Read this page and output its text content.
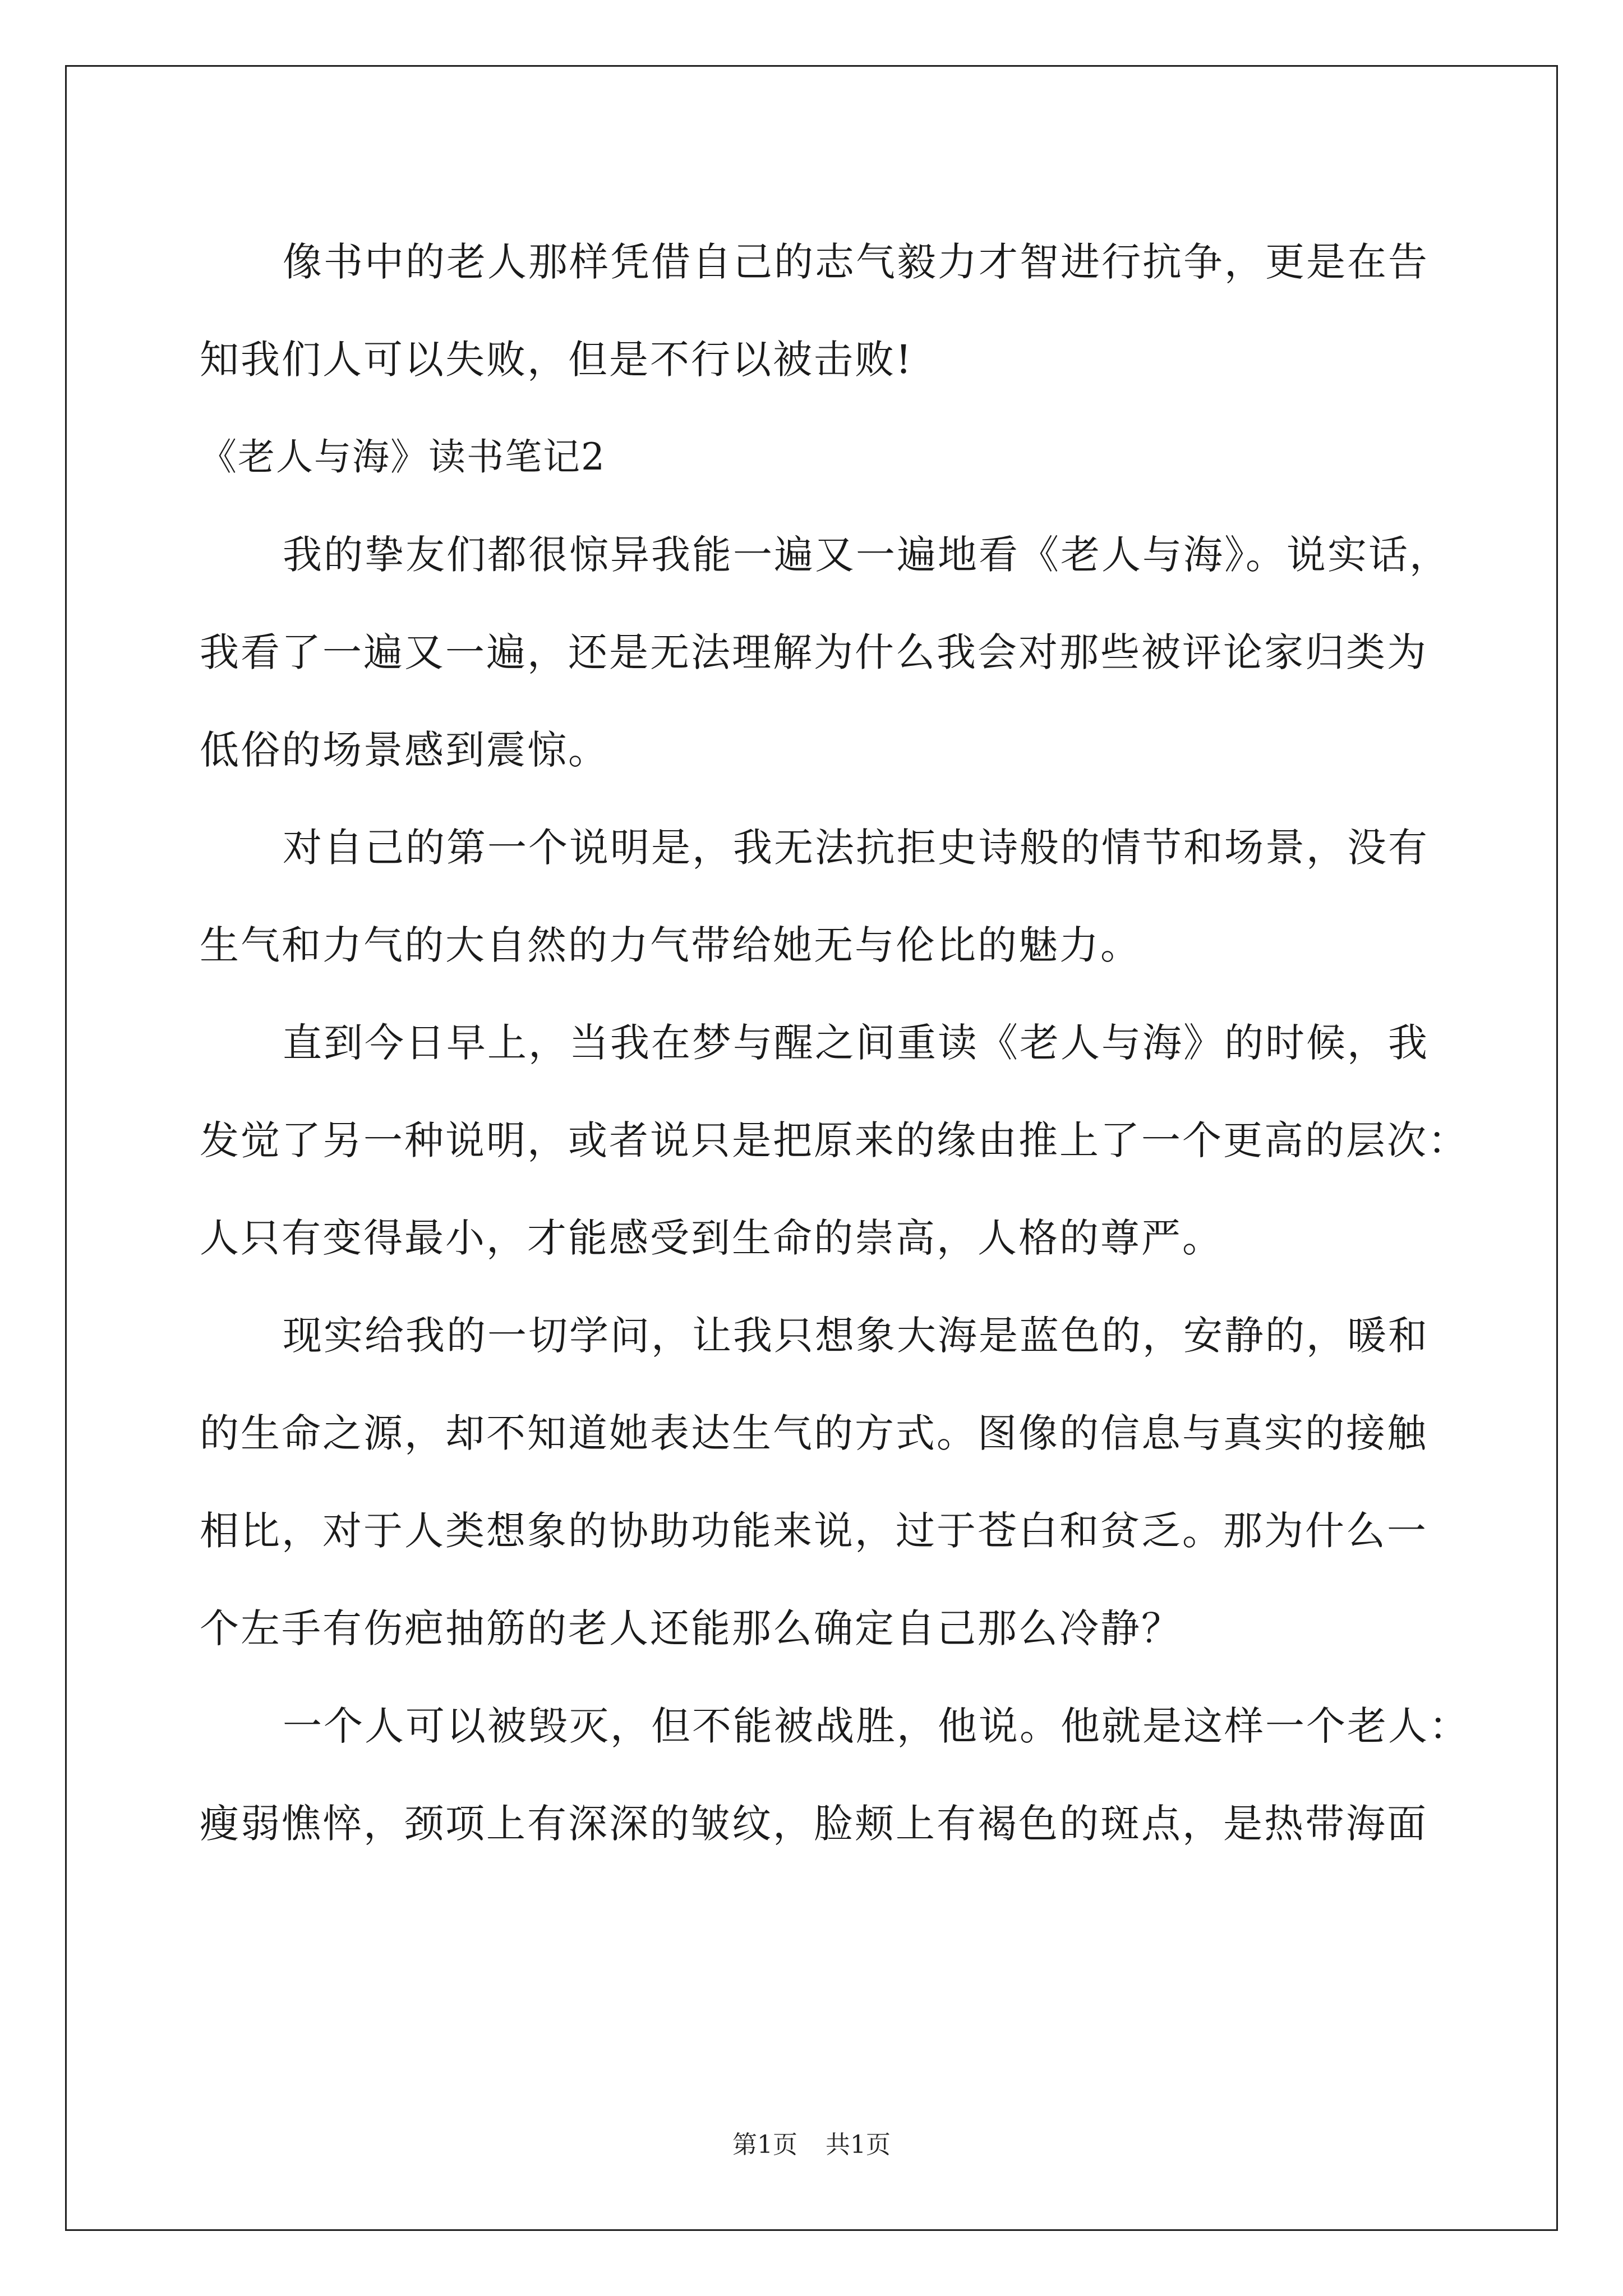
像书中的老人那样凭借自己的志气毅力才智进行抗争，更是在告
知我们人可以失败，但是不行以被击败!
《老人与海》读书笔记2
我的挚友们都很惊异我能一遍又一遍地看《老人与海》。说实话，
我看了一遍又一遍，还是无法理解为什么我会对那些被评论家归类为
低俗的场景感到震惊。
对自己的第一个说明是，我无法抗拒史诗般的情节和场景，没有
生气和力气的大自然的力气带给她无与伦比的魅力。
直到今日早上，当我在梦与醒之间重读《老人与海》的时候，我
发觉了另一种说明，或者说只是把原来的缘由推上了一个更高的层次：
人只有变得最小，才能感受到生命的崇高，人格的尊严。
现实给我的一切学问，让我只想象大海是蓝色的，安静的，暖和
的生命之源，却不知道她表达生气的方式。图像的信息与真实的接触
相比，对于人类想象的协助功能来说，过于苍白和贫乏。那为什么一
个左手有伤疤抽筋的老人还能那么确定自己那么冷静？
一个人可以被毁灭，但不能被战胜，他说。他就是这样一个老人：
瘦弱憔悴，颈项上有深深的皱纹，脸颊上有褐色的斑点，是热带海面
第1页 共1页
